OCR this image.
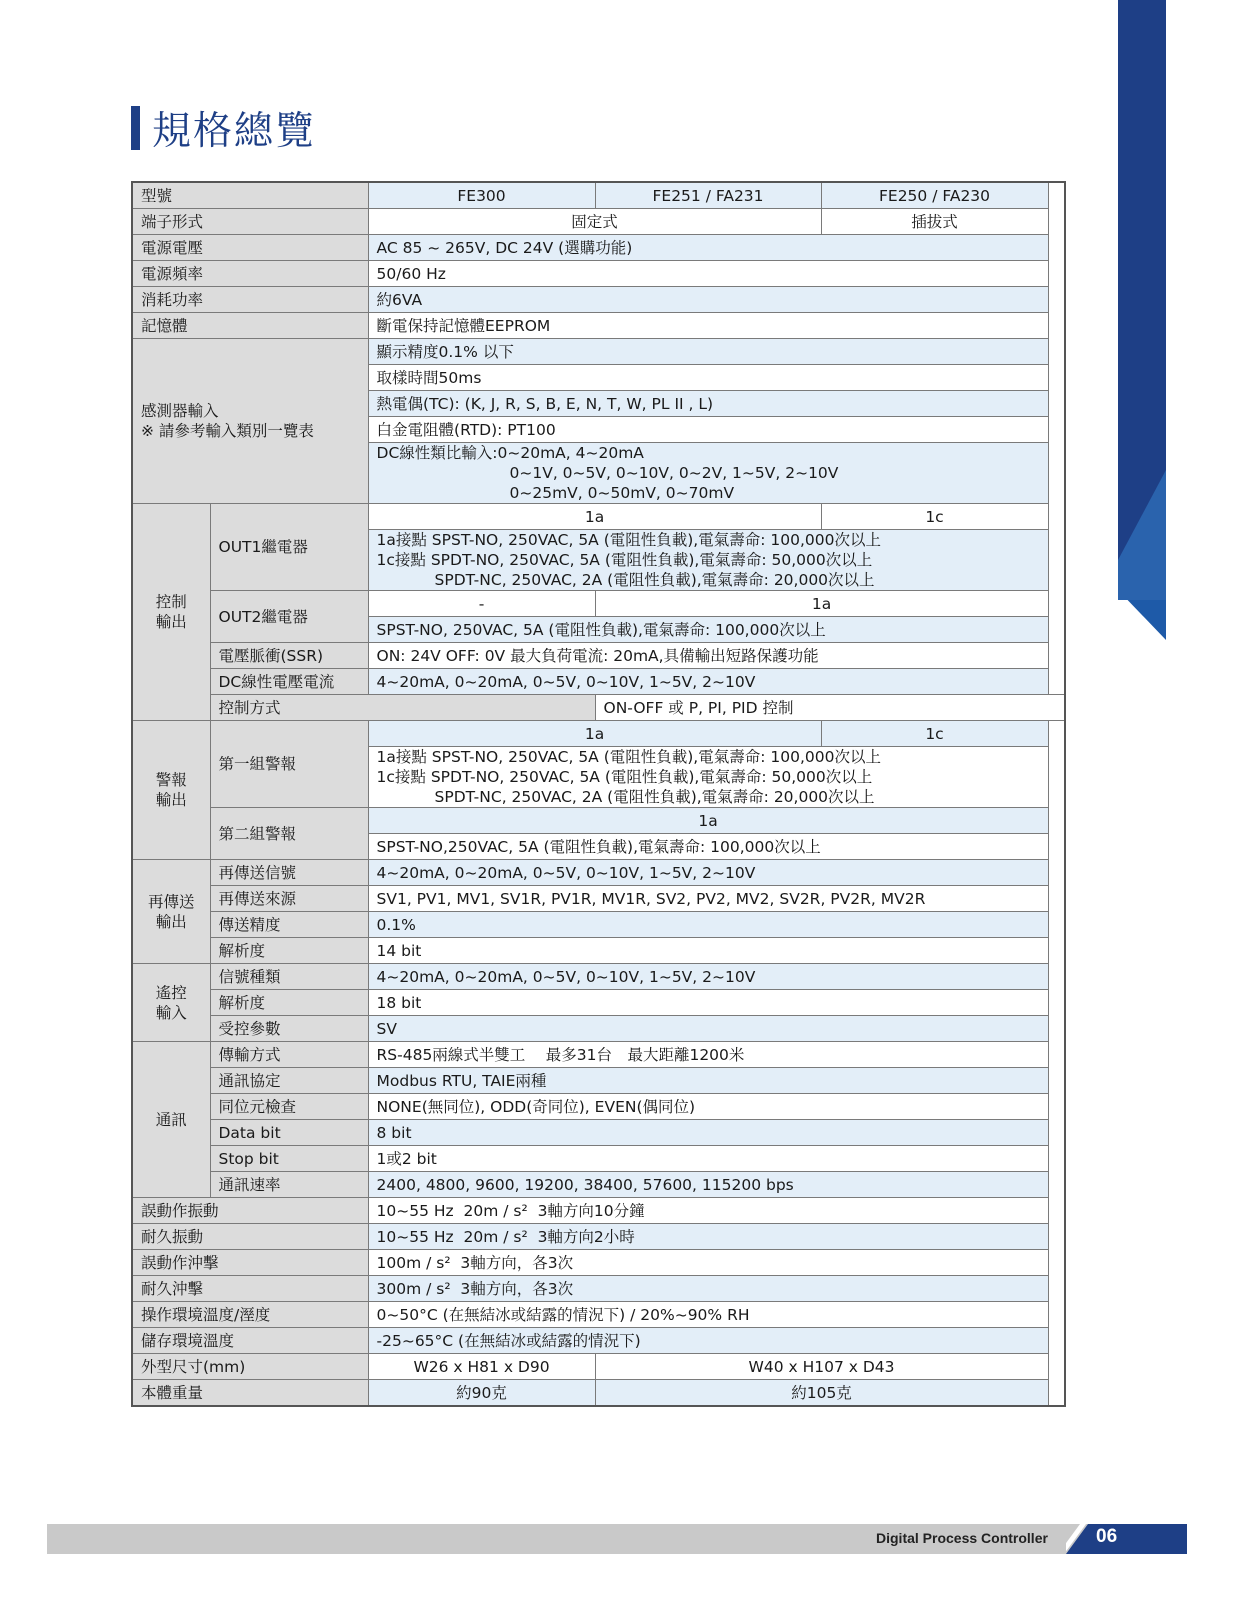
規格總覽
型號		FE300	FE251 / FA231	FE250 / FA230
端子形式		固定式		插拔式
電源電壓		AC 85 ~ 265V, DC 24V (選購功能)		
電源頻率		50/60 Hz		
消耗功率		約6VA		
記憶體		斷電保持記憶體EEPROM		

感測器輸入
※ 請參考輸入類別一覽表		顯示精度0.1% 以下		
		取樣時間50ms		
		熱電偶(TC): (K, J, R, S, B, E, N, T, W, PL II , L)		
		白金電阻體(RTD): PT100		

		DC線性類比輸入:0~20mA, 4~20mA
0~1V, 0~5V, 0~10V, 0~2V, 1~5V, 2~10V
0~25mV, 0~50mV, 0~70mV		

控制
輸出	OUT1繼電器	1a		1c

		1a接點 SPST-NO, 250VAC, 5A (電阻性負載),電氣壽命: 100,000次以上
1c接點 SPDT-NO, 250VAC, 5A (電阻性負載),電氣壽命: 50,000次以上
SPDT-NC, 250VAC, 2A (電阻性負載),電氣壽命: 20,000次以上		

	OUT2繼電器	-	1a	
		SPST-NO, 250VAC, 5A (電阻性負載),電氣壽命: 100,000次以上		
	電壓脈衝(SSR)	ON: 24V OFF: 0V 最大負荷電流: 20mA,具備輸出短路保護功能		
	DC線性電壓電流	4~20mA, 0~20mA, 0~5V, 0~10V, 1~5V, 2~10V		
	控制方式		ON-OFF 或 P, PI, PID 控制	
警報
輸出	第一組警報	1a		1c

		1a接點 SPST-NO, 250VAC, 5A (電阻性負載),電氣壽命: 100,000次以上
1c接點 SPDT-NO, 250VAC, 5A (電阻性負載),電氣壽命: 50,000次以上
SPDT-NC, 250VAC, 2A (電阻性負載),電氣壽命: 20,000次以上		

	第二組警報	1a		
		SPST-NO,250VAC, 5A (電阻性負載),電氣壽命: 100,000次以上		
再傳送
輸出	再傳送信號	4~20mA, 0~20mA, 0~5V, 0~10V, 1~5V, 2~10V		
	再傳送來源	SV1, PV1, MV1, SV1R, PV1R, MV1R, SV2, PV2, MV2, SV2R, PV2R, MV2R		
	傳送精度	0.1%		
	解析度	14 bit		
遙控
輸入	信號種類	4~20mA, 0~20mA, 0~5V, 0~10V, 1~5V, 2~10V		
	解析度	18 bit		
	受控參數	SV		
通訊	傳輸方式	RS-485兩線式半雙工　 最多31台　最大距離1200米		
	通訊協定	Modbus RTU, TAIE兩種		
	同位元檢查	NONE(無同位), ODD(奇同位), EVEN(偶同位)		
	Data bit	8 bit		
	Stop bit	1或2 bit		
	通訊速率	2400, 4800, 9600, 19200, 38400, 57600, 115200 bps		
誤動作振動		10~55 Hz  20m / s²  3軸方向10分鐘		
耐久振動		10~55 Hz  20m / s²  3軸方向2小時		
誤動作沖擊		100m / s²  3軸方向，各3次		
耐久沖擊		300m / s²  3軸方向，各3次		
操作環境溫度/溼度		0~50°C (在無結冰或結露的情況下) / 20%~90% RH		
儲存環境溫度		-25~65°C (在無結冰或結露的情況下)		
外型尺寸(mm)		W26 x H81 x D90	W40 x H107 x D43	
本體重量		約90克	約105克	
Digital Process Controller	06
